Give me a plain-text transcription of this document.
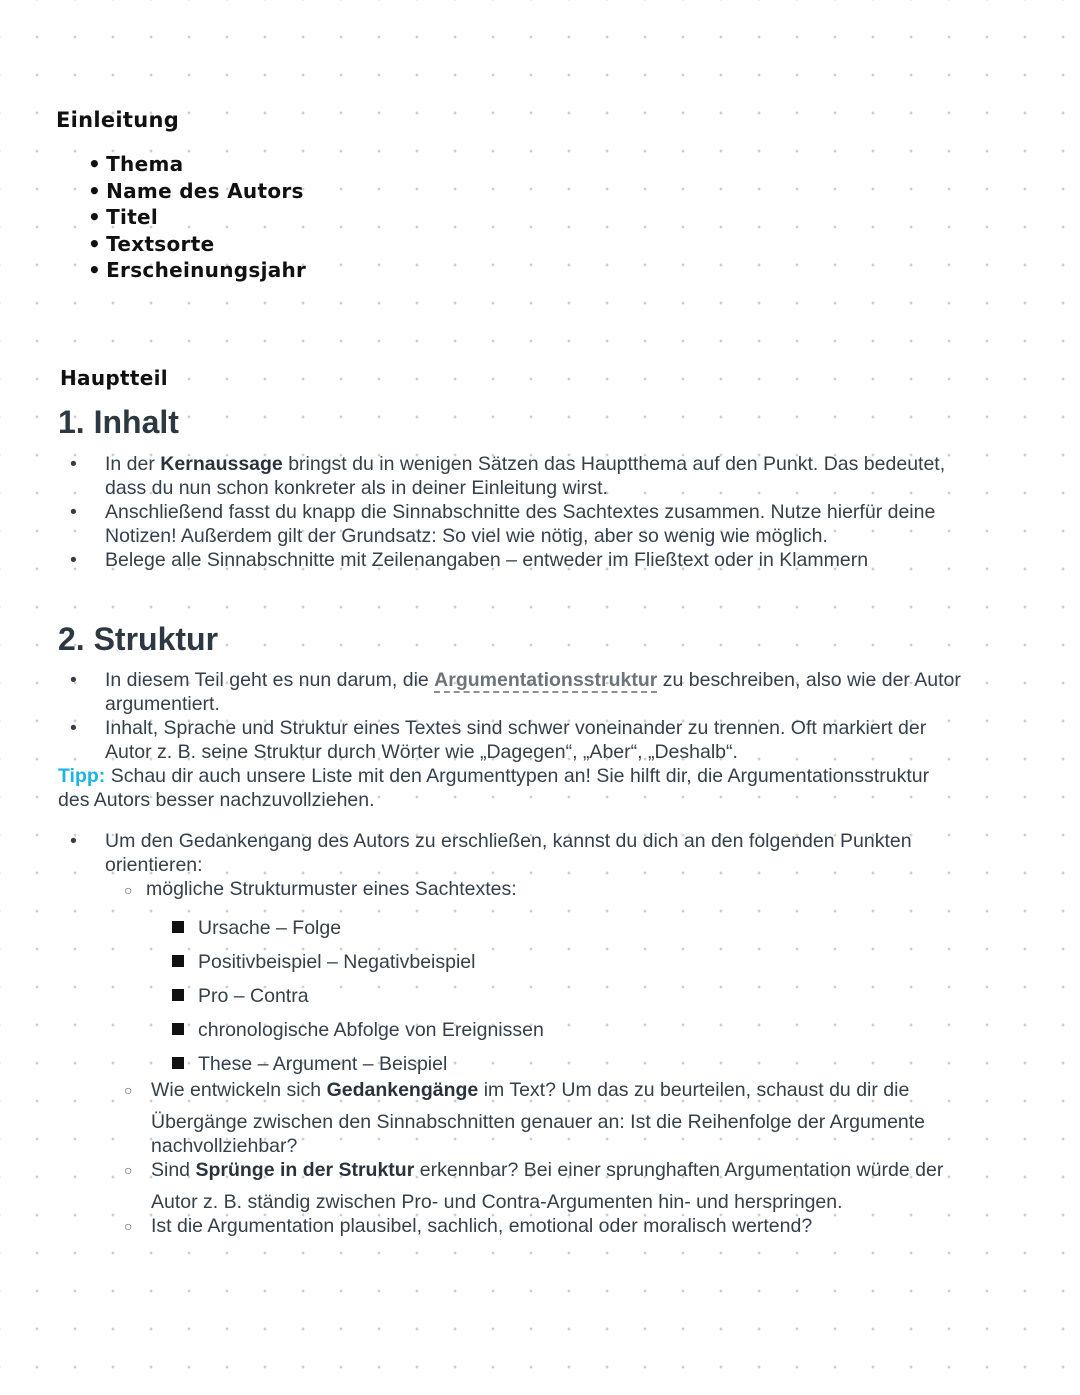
Einleitung
• Thema
• Name des Autors
• Titel
• Textsorte
• Erscheinungsjahr
Hauptteil
1. Inhalt
• In der Kernaussage bringst du in wenigen Sätzen das Hauptthema auf den Punkt. Das bedeutet,
dass du nun schon konkreter als in deiner Einleitung wirst.
• Anschließend fasst du knapp die Sinnabschnitte des Sachtextes zusammen. Nutze hierfür deine
Notizen! Außerdem gilt der Grundsatz: So viel wie nötig, aber so wenig wie möglich.
• Belege alle Sinnabschnitte mit Zeilenangaben – entweder im Fließtext oder in Klammern
2. Struktur
• In diesem Teil geht es nun darum, die Argumentationsstruktur zu beschreiben, also wie der Autor
argumentiert.
• Inhalt, Sprache und Struktur eines Textes sind schwer voneinander zu trennen. Oft markiert der
Autor z. B. seine Struktur durch Wörter wie „Dagegen“, „Aber“, „Deshalb“.
Tipp: Schau dir auch unsere Liste mit den Argumenttypen an! Sie hilft dir, die Argumentationsstruktur
des Autors besser nachzuvollziehen.
• Um den Gedankengang des Autors zu erschließen, kannst du dich an den folgenden Punkten
orientieren:
○ mögliche Strukturmuster eines Sachtextes:
Ursache – Folge
Positivbeispiel – Negativbeispiel
Pro – Contra
chronologische Abfolge von Ereignissen
These – Argument – Beispiel
○ Wie entwickeln sich Gedankengänge im Text? Um das zu beurteilen, schaust du dir die
Übergänge zwischen den Sinnabschnitten genauer an: Ist die Reihenfolge der Argumente
nachvollziehbar?
○ Sind Sprünge in der Struktur erkennbar? Bei einer sprunghaften Argumentation würde der
Autor z. B. ständig zwischen Pro- und Contra-Argumenten hin- und herspringen.
○ Ist die Argumentation plausibel, sachlich, emotional oder moralisch wertend?
